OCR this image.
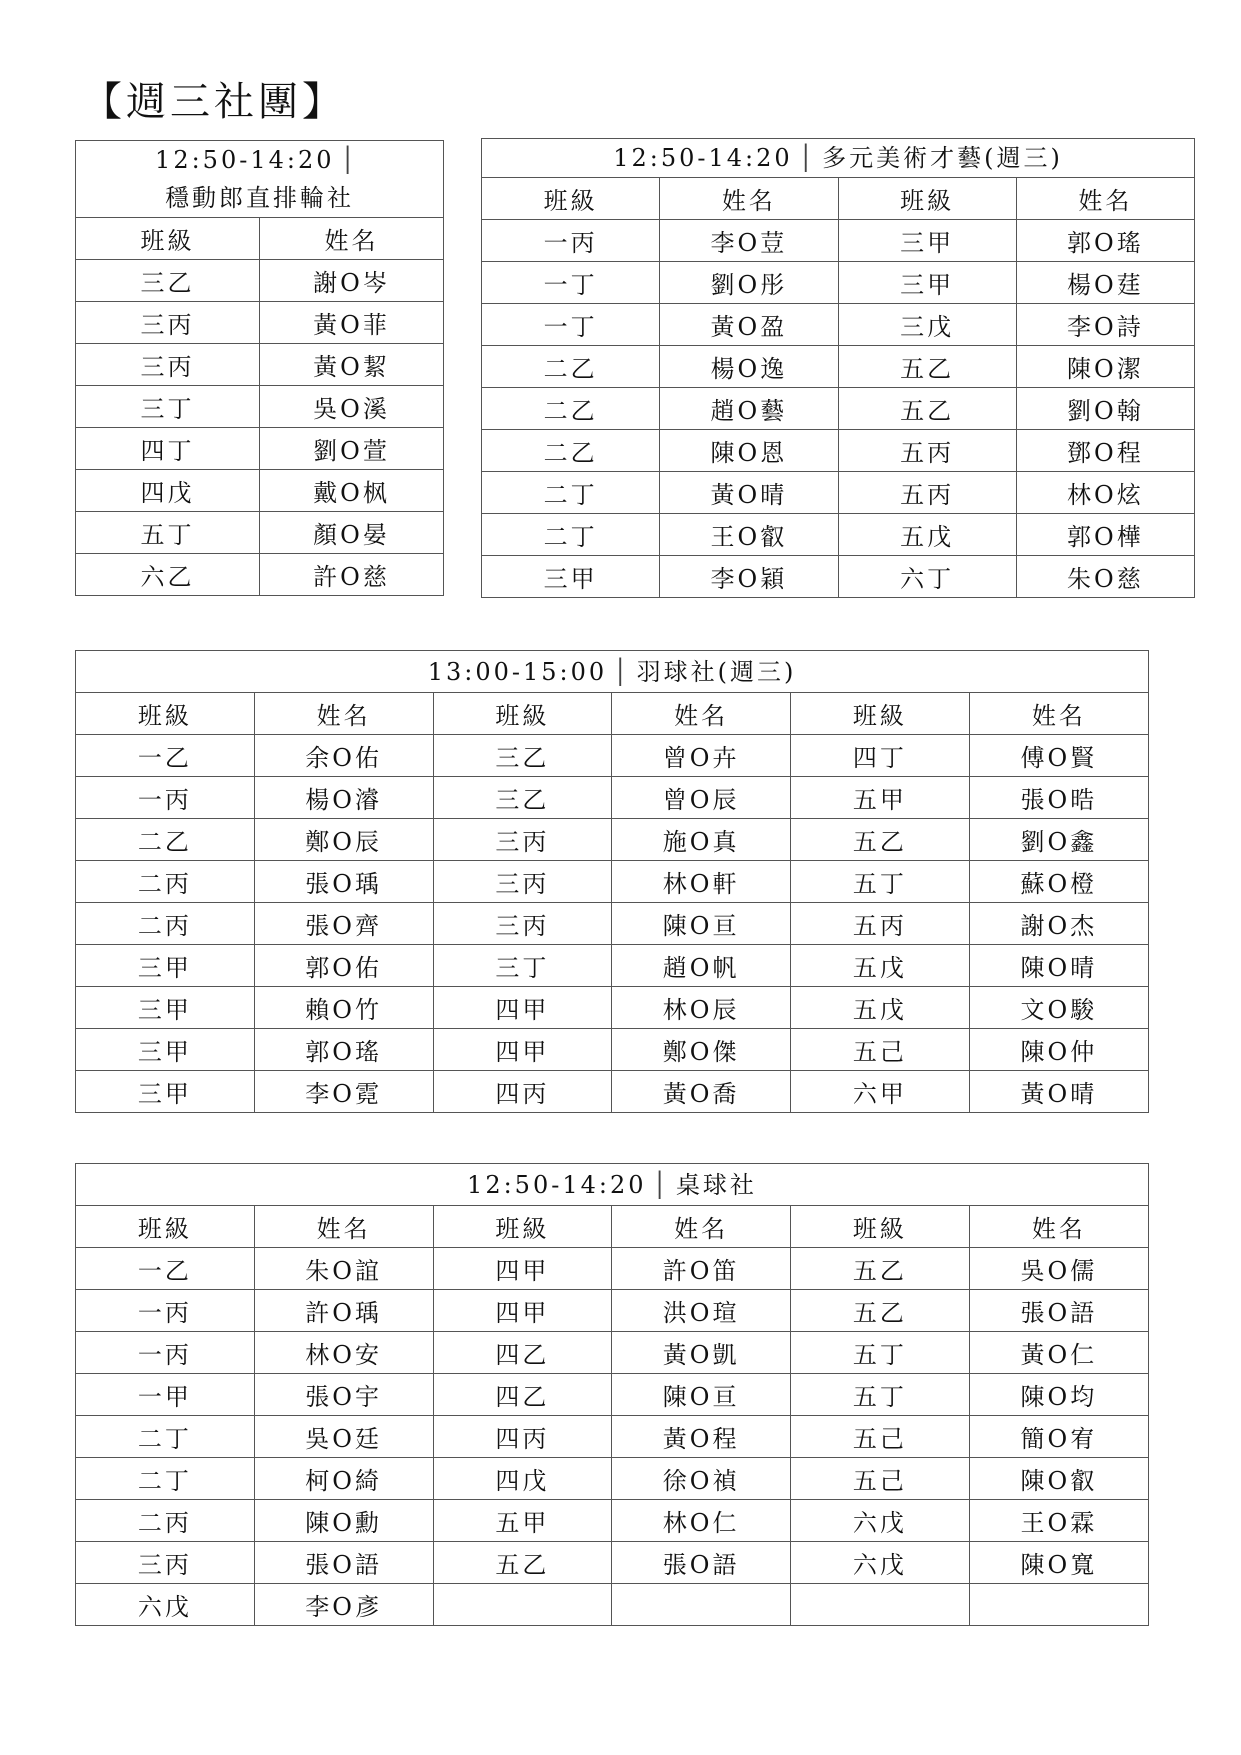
【週三社團】
12:50-14:20 │
穩動郎直排輪社	
班級	姓名
三乙	謝O岑
三丙	黃O菲
三丙	黃O絜
三丁	吳O溪
四丁	劉O萱
四戊	戴O枫
五丁	顏O晏
六乙	許O慈
12:50-14:20 │ 多元美術才藝(週三)			
班級	姓名	班級	姓名
一丙	李O荳	三甲	郭O瑤
一丁	劉O彤	三甲	楊O莛
一丁	黃O盈	三戊	李O詩
二乙	楊O逸	五乙	陳O潔
二乙	趙O藝	五乙	劉O翰
二乙	陳O恩	五丙	鄧O程
二丁	黃O晴	五丙	林O炫
二丁	王O叡	五戊	郭O樺
三甲	李O穎	六丁	朱O慈
13:00-15:00 │ 羽球社(週三)					
班級	姓名	班級	姓名	班級	姓名
一乙	余O佑	三乙	曾O卉	四丁	傅O賢
一丙	楊O濬	三乙	曾O辰	五甲	張O晧
二乙	鄭O辰	三丙	施O真	五乙	劉O鑫
二丙	張O瑀	三丙	林O軒	五丁	蘇O橙
二丙	張O齊	三丙	陳O亘	五丙	謝O杰
三甲	郭O佑	三丁	趙O帆	五戊	陳O晴
三甲	賴O竹	四甲	林O辰	五戊	文O駿
三甲	郭O瑤	四甲	鄭O傑	五己	陳O仲
三甲	李O霓	四丙	黃O喬	六甲	黃O晴
12:50-14:20 │ 桌球社					
班級	姓名	班級	姓名	班級	姓名
一乙	朱O誼	四甲	許O笛	五乙	吳O儒
一丙	許O瑀	四甲	洪O瑄	五乙	張O語
一丙	林O安	四乙	黃O凱	五丁	黃O仁
一甲	張O宇	四乙	陳O亘	五丁	陳O均
二丁	吳O廷	四丙	黃O程	五己	簡O宥
二丁	柯O綺	四戊	徐O禎	五己	陳O叡
二丙	陳O勳	五甲	林O仁	六戊	王O霖
三丙	張O語	五乙	張O語	六戊	陳O寬
六戊	李O彥				
